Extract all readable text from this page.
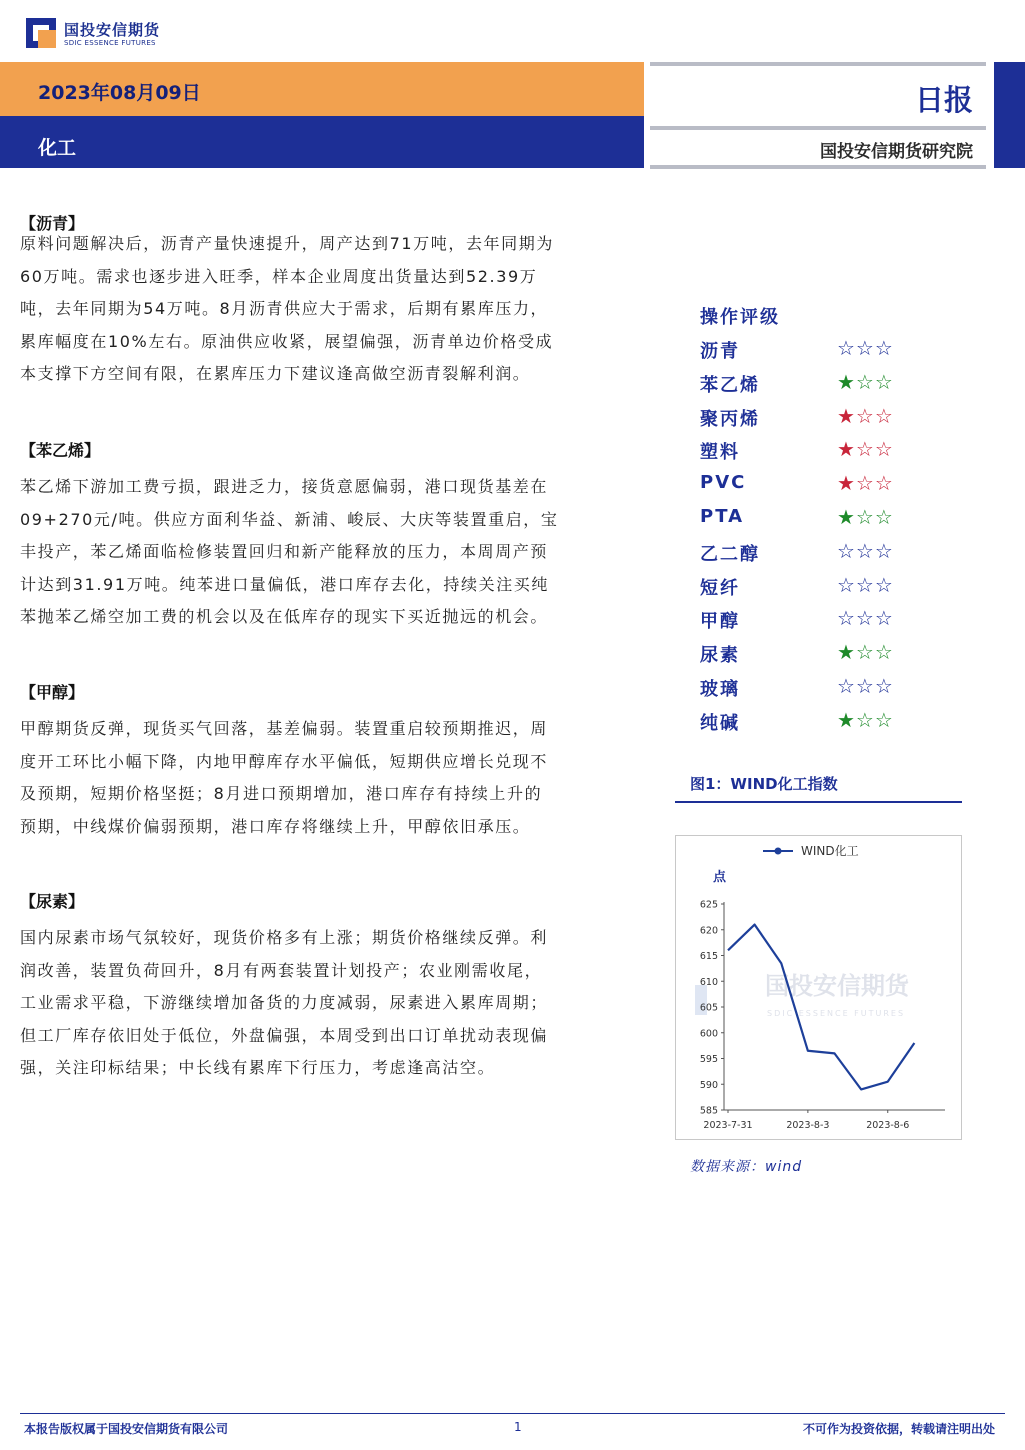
国投安信期货
SDIC ESSENCE FUTURES
2023年08月09日
化工
日报
国投安信期货研究院
【沥青】
原料问题解决后，沥青产量快速提升，周产达到71万吨，去年同期为
60万吨。需求也逐步进入旺季，样本企业周度出货量达到52.39万
吨，去年同期为54万吨。8月沥青供应大于需求，后期有累库压力，
累库幅度在10%左右。原油供应收紧，展望偏强，沥青单边价格受成
本支撑下方空间有限，在累库压力下建议逢高做空沥青裂解利润。
【苯乙烯】
苯乙烯下游加工费亏损，跟进乏力，接货意愿偏弱，港口现货基差在
09+270元/吨。供应方面利华益、新浦、峻辰、大庆等装置重启，宝
丰投产，苯乙烯面临检修装置回归和新产能释放的压力，本周周产预
计达到31.91万吨。纯苯进口量偏低，港口库存去化，持续关注买纯
苯抛苯乙烯空加工费的机会以及在低库存的现实下买近抛远的机会。
【甲醇】
甲醇期货反弹，现货买气回落，基差偏弱。装置重启较预期推迟，周
度开工环比小幅下降，内地甲醇库存水平偏低，短期供应增长兑现不
及预期，短期价格坚挺；8月进口预期增加，港口库存有持续上升的
预期，中线煤价偏弱预期，港口库存将继续上升，甲醇依旧承压。
【尿素】
国内尿素市场气氛较好，现货价格多有上涨；期货价格继续反弹。利
润改善，装置负荷回升，8月有两套装置计划投产；农业刚需收尾，
工业需求平稳，下游继续增加备货的力度减弱，尿素进入累库周期；
但工厂库存依旧处于低位，外盘偏强，本周受到出口订单扰动表现偏
强，关注印标结果；中长线有累库下行压力，考虑逢高沽空。
操作评级
沥青	☆☆☆
苯乙烯	★☆☆
聚丙烯	★☆☆
塑料	★☆☆
PVC	★☆☆
PTA	★☆☆
乙二醇	☆☆☆
短纤	☆☆☆
甲醇	☆☆☆
尿素	★☆☆
玻璃	☆☆☆
纯碱	★☆☆
图1：WIND化工指数
国投安信期货
SDIC ESSENCE FUTURES
WIND化工
点
585
590
595
600
605
610
615
620
625
2023-7-31	2023-8-3	2023-8-6
数据来源：wind
本报告版权属于国投安信期货有限公司	1	不可作为投资依据，转载请注明出处
